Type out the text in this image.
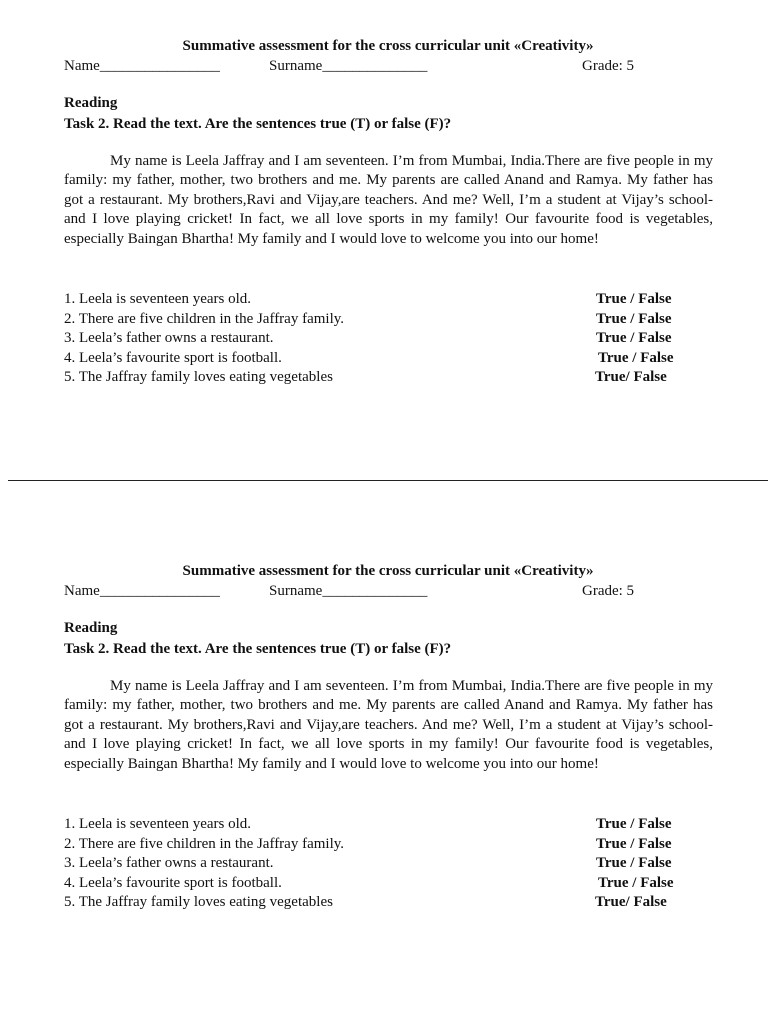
Summative assessment for the cross curricular unit «Creativity»
Name________________	Surname______________	Grade: 5
Reading
Task 2. Read the text. Are the sentences true (T) or false (F)?

My name is Leela Jaffray and I am seventeen. I’m from Mumbai, India.There are five people in my family: my father, mother, two brothers and me. My parents are called Anand and Ramya. My father has got a restaurant. My brothers,Ravi and Vijay,are teachers. And me? Well, I’m a student at Vijay’s school-and I love playing cricket! In fact, we all love sports in my family! Our favourite food is vegetables, especially Baingan Bhartha! My family and I would love to welcome you into our home!

1. Leela is seventeen years old.	True / False
2. There are five children in the Jaffray family.	True / False
3. Leela’s father owns a restaurant.	True / False
4. Leela’s favourite sport is football.	True / False
5. The Jaffray family loves eating vegetables	True/ False
Summative assessment for the cross curricular unit «Creativity»
Name________________	Surname______________	Grade: 5
Reading
Task 2. Read the text. Are the sentences true (T) or false (F)?

My name is Leela Jaffray and I am seventeen. I’m from Mumbai, India.There are five people in my family: my father, mother, two brothers and me. My parents are called Anand and Ramya. My father has got a restaurant. My brothers,Ravi and Vijay,are teachers. And me? Well, I’m a student at Vijay’s school-and I love playing cricket! In fact, we all love sports in my family! Our favourite food is vegetables, especially Baingan Bhartha! My family and I would love to welcome you into our home!

1. Leela is seventeen years old.	True / False
2. There are five children in the Jaffray family.	True / False
3. Leela’s father owns a restaurant.	True / False
4. Leela’s favourite sport is football.	True / False
5. The Jaffray family loves eating vegetables	True/ False
